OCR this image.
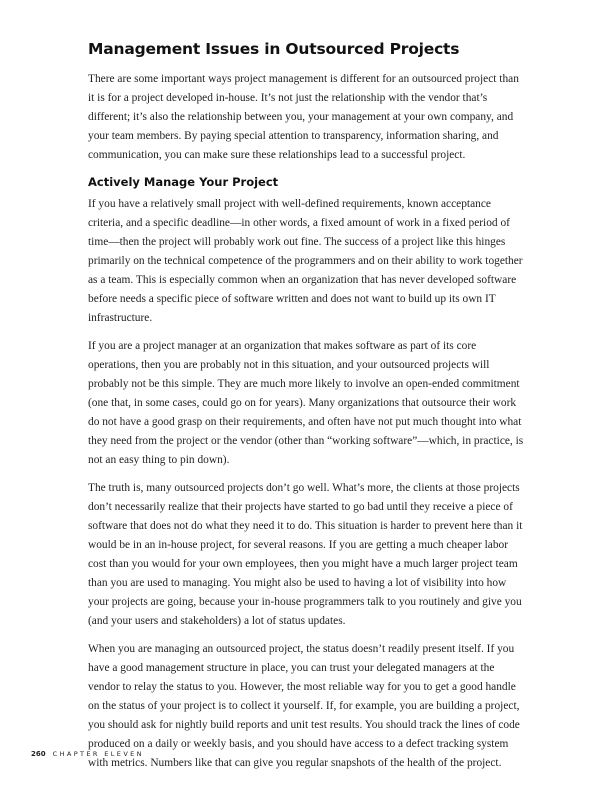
Management Issues in Outsourced Projects

There are some important ways project management is different for an outsourced project than it is for a project developed in-house. It’s not just the relationship with the vendor that’s different; it’s also the relationship between you, your management at your own company, and your team members. By paying special attention to transparency, information sharing, and communication, you can make sure these relationships lead to a successful project.

Actively Manage Your Project

If you have a relatively small project with well-defined requirements, known acceptance criteria, and a specific deadline—in other words, a fixed amount of work in a fixed period of time—then the project will probably work out fine. The success of a project like this hinges primarily on the technical competence of the programmers and on their ability to work together as a team. This is especially common when an organization that has never developed software before needs a specific piece of software written and does not want to build up its own IT infrastructure.

If you are a project manager at an organization that makes software as part of its core operations, then you are probably not in this situation, and your outsourced projects will probably not be this simple. They are much more likely to involve an open-ended commitment (one that, in some cases, could go on for years). Many organizations that outsource their work do not have a good grasp on their requirements, and often have not put much thought into what they need from the project or the vendor (other than “working software”—which, in practice, is not an easy thing to pin down).

The truth is, many outsourced projects don’t go well. What’s more, the clients at those projects don’t necessarily realize that their projects have started to go bad until they receive a piece of software that does not do what they need it to do. This situation is harder to prevent here than it would be in an in-house project, for several reasons. If you are getting a much cheaper labor cost than you would for your own employees, then you might have a much larger project team than you are used to managing. You might also be used to having a lot of visibility into how your projects are going, because your in-house programmers talk to you routinely and give you (and your users and stakeholders) a lot of status updates.

When you are managing an outsourced project, the status doesn’t readily present itself. If you have a good management structure in place, you can trust your delegated managers at the vendor to relay the status to you. However, the most reliable way for you to get a good handle on the status of your project is to collect it yourself. If, for example, you are building a project, you should ask for nightly build reports and unit test results. You should track the lines of code produced on a daily or weekly basis, and you should have access to a defect tracking system with metrics. Numbers like that can give you regular snapshots of the health of the project.

260 CHAPTER ELEVEN
